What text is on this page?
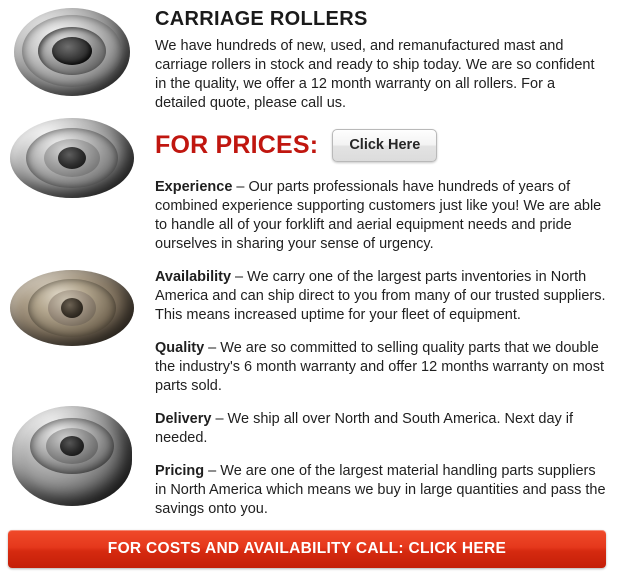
CARRIAGE ROLLERS

We have hundreds of new, used, and remanufactured mast and carriage rollers in stock and ready to ship today. We are so confident in the quality, we offer a 12 month warranty on all rollers. For a detailed quote, please call us.

FOR PRICES:	Click Here

Experience – Our parts professionals have hundreds of years of combined experience supporting customers just like you! We are able to handle all of your forklift and aerial equipment needs and pride ourselves in sharing your sense of urgency.

Availability – We carry one of the largest parts inventories in North America and can ship direct to you from many of our trusted suppliers. This means increased uptime for your fleet of equipment.

Quality – We are so committed to selling quality parts that we double the industry's 6 month warranty and offer 12 months warranty on most parts sold.

Delivery – We ship all over North and South America. Next day if needed.

Pricing – We are one of the largest material handling parts suppliers in North America which means we buy in large quantities and pass the savings onto you.

FOR COSTS AND AVAILABILITY CALL: CLICK HERE
